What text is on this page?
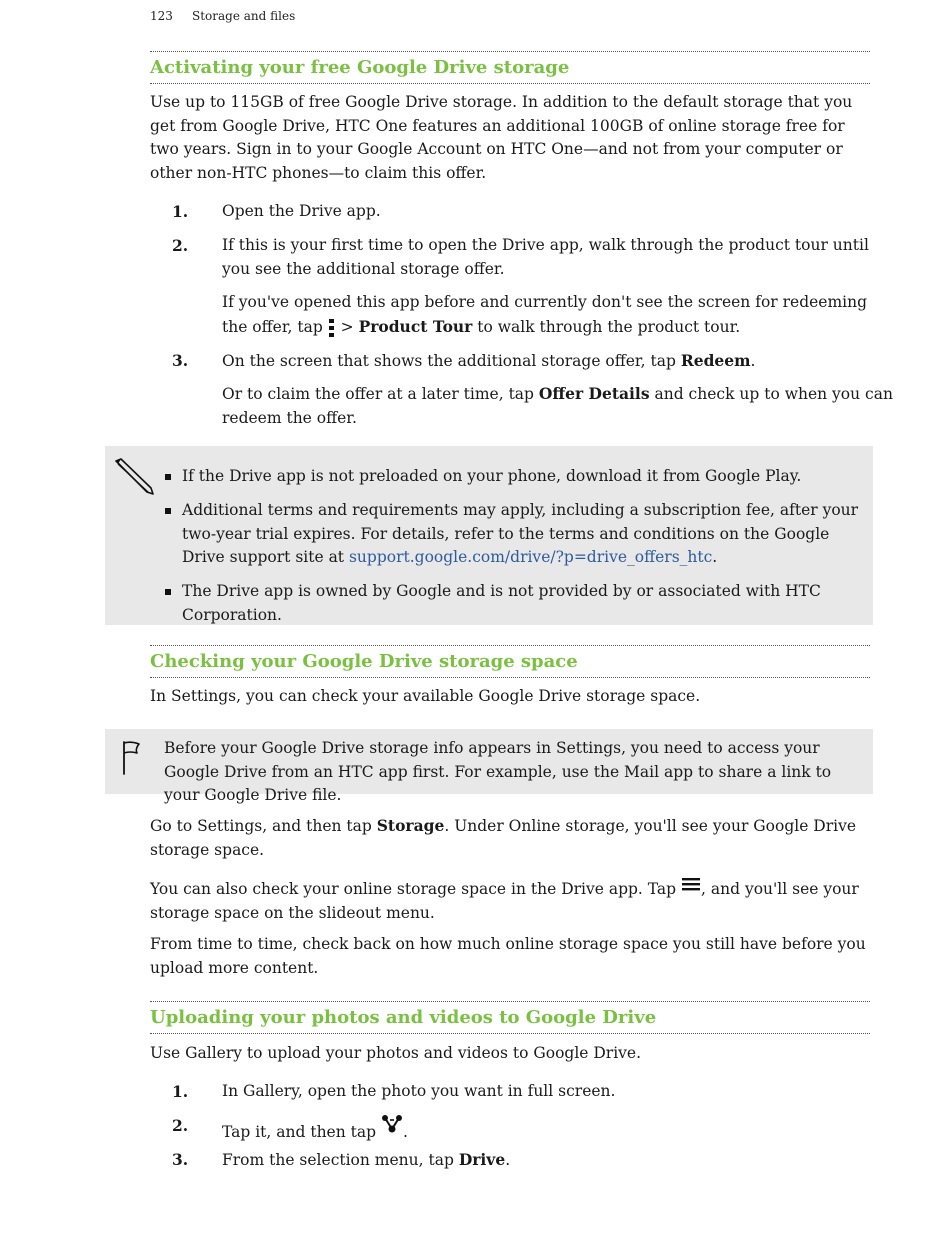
123 Storage and files
Activating your free Google Drive storage

Use up to 115GB of free Google Drive storage. In addition to the default storage that you get from Google Drive, HTC One features an additional 100GB of online storage free for two years. Sign in to your Google Account on HTC One—and not from your computer or other non-HTC phones—to claim this offer.

1. Open the Drive app.
2. If this is your first time to open the Drive app, walk through the product tour until you see the additional storage offer.
If you've opened this app before and currently don't see the screen for redeeming the offer, tap  > Product Tour to walk through the product tour.
3. On the screen that shows the additional storage offer, tap Redeem.
Or to claim the offer at a later time, tap Offer Details and check up to when you can redeem the offer.
If the Drive app is not preloaded on your phone, download it from Google Play.
Additional terms and requirements may apply, including a subscription fee, after your two-year trial expires. For details, refer to the terms and conditions on the Google Drive support site at support.google.com/drive/?p=drive_offers_htc.
The Drive app is owned by Google and is not provided by or associated with HTC Corporation.
Checking your Google Drive storage space

In Settings, you can check your available Google Drive storage space.

Before your Google Drive storage info appears in Settings, you need to access your Google Drive from an HTC app first. For example, use the Mail app to share a link to your Google Drive file.

Go to Settings, and then tap Storage. Under Online storage, you'll see your Google Drive storage space.

You can also check your online storage space in the Drive app. Tap , and you'll see your storage space on the slideout menu.

From time to time, check back on how much online storage space you still have before you upload more content.

Uploading your photos and videos to Google Drive

Use Gallery to upload your photos and videos to Google Drive.

1. In Gallery, open the photo you want in full screen.
2. Tap it, and then tap .
3. From the selection menu, tap Drive.
